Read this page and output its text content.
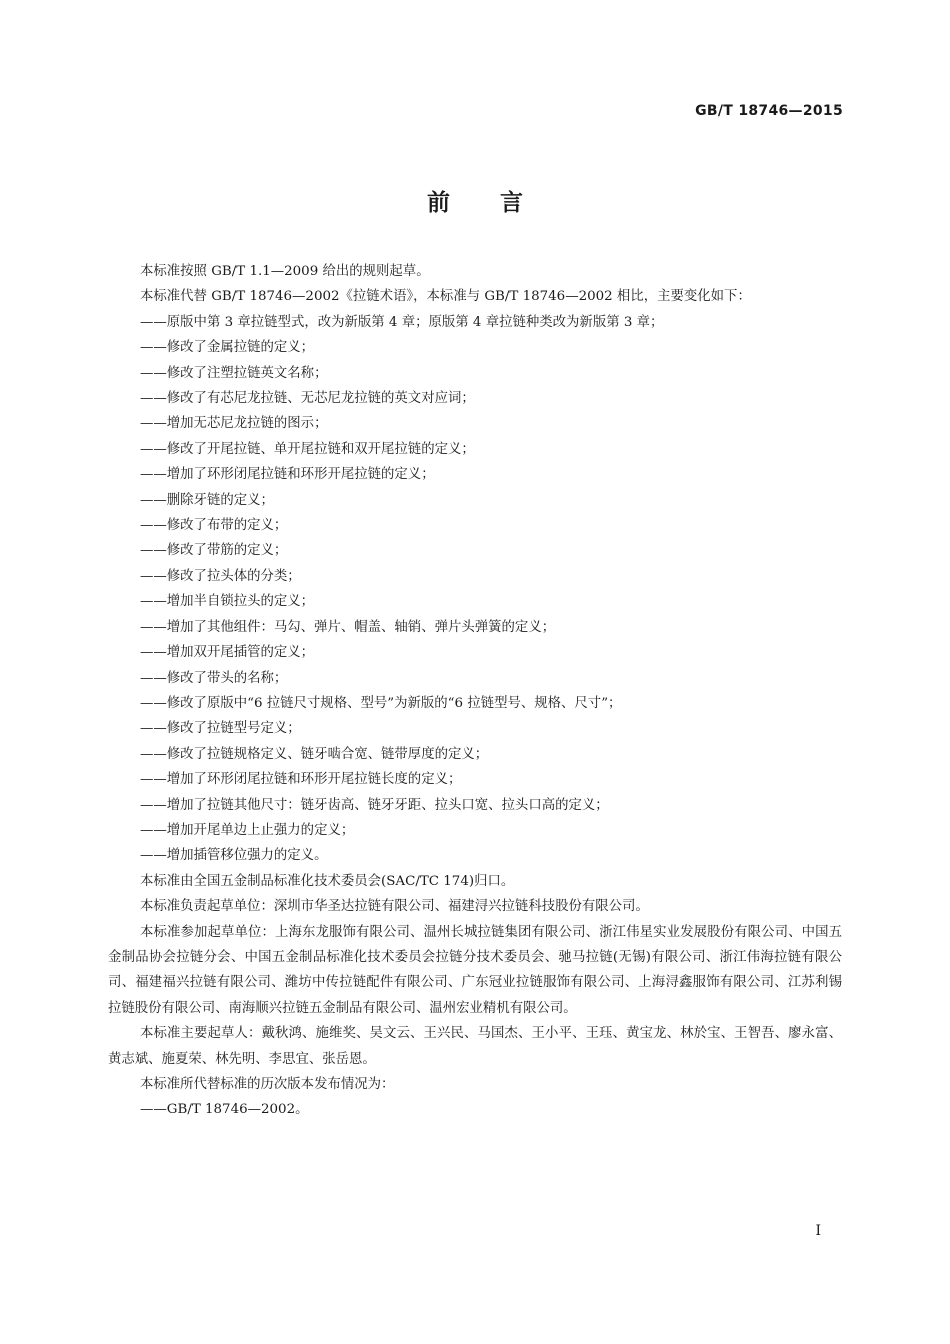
GB/T 18746—2015
前言

本标准按照 GB/T 1.1—2009 给出的规则起草。

本标准代替 GB/T 18746—2002《拉链术语》，本标准与 GB/T 18746—2002 相比，主要变化如下：

——原版中第 3 章拉链型式，改为新版第 4 章；原版第 4 章拉链种类改为新版第 3 章；

——修改了金属拉链的定义；

——修改了注塑拉链英文名称；

——修改了有芯尼龙拉链、无芯尼龙拉链的英文对应词；

——增加无芯尼龙拉链的图示；

——修改了开尾拉链、单开尾拉链和双开尾拉链的定义；

——增加了环形闭尾拉链和环形开尾拉链的定义；

——删除牙链的定义；

——修改了布带的定义；

——修改了带筋的定义；

——修改了拉头体的分类；

——增加半自锁拉头的定义；

——增加了其他组件：马勾、弹片、帽盖、轴销、弹片头弹簧的定义；

——增加双开尾插管的定义；

——修改了带头的名称；

——修改了原版中“6 拉链尺寸规格、型号”为新版的“6 拉链型号、规格、尺寸”；

——修改了拉链型号定义；

——修改了拉链规格定义、链牙啮合宽、链带厚度的定义；

——增加了环形闭尾拉链和环形开尾拉链长度的定义；

——增加了拉链其他尺寸：链牙齿高、链牙牙距、拉头口宽、拉头口高的定义；

——增加开尾单边上止强力的定义；

——增加插管移位强力的定义。

本标准由全国五金制品标准化技术委员会(SAC/TC 174)归口。

本标准负责起草单位：深圳市华圣达拉链有限公司、福建浔兴拉链科技股份有限公司。

本标准参加起草单位：上海东龙服饰有限公司、温州长城拉链集团有限公司、浙江伟星实业发展股份有限公司、中国五金制品协会拉链分会、中国五金制品标准化技术委员会拉链分技术委员会、驰马拉链(无锡)有限公司、浙江伟海拉链有限公司、福建福兴拉链有限公司、潍坊中传拉链配件有限公司、广东冠业拉链服饰有限公司、上海浔鑫服饰有限公司、江苏利锡拉链股份有限公司、南海顺兴拉链五金制品有限公司、温州宏业精机有限公司。

本标准主要起草人：戴秋鸿、施维奖、吴文云、王兴民、马国杰、王小平、王珏、黄宝龙、林於宝、王智吾、廖永富、黄志斌、施夏荣、林先明、李思宜、张岳恩。

本标准所代替标准的历次版本发布情况为：

——GB/T 18746—2002。

I
